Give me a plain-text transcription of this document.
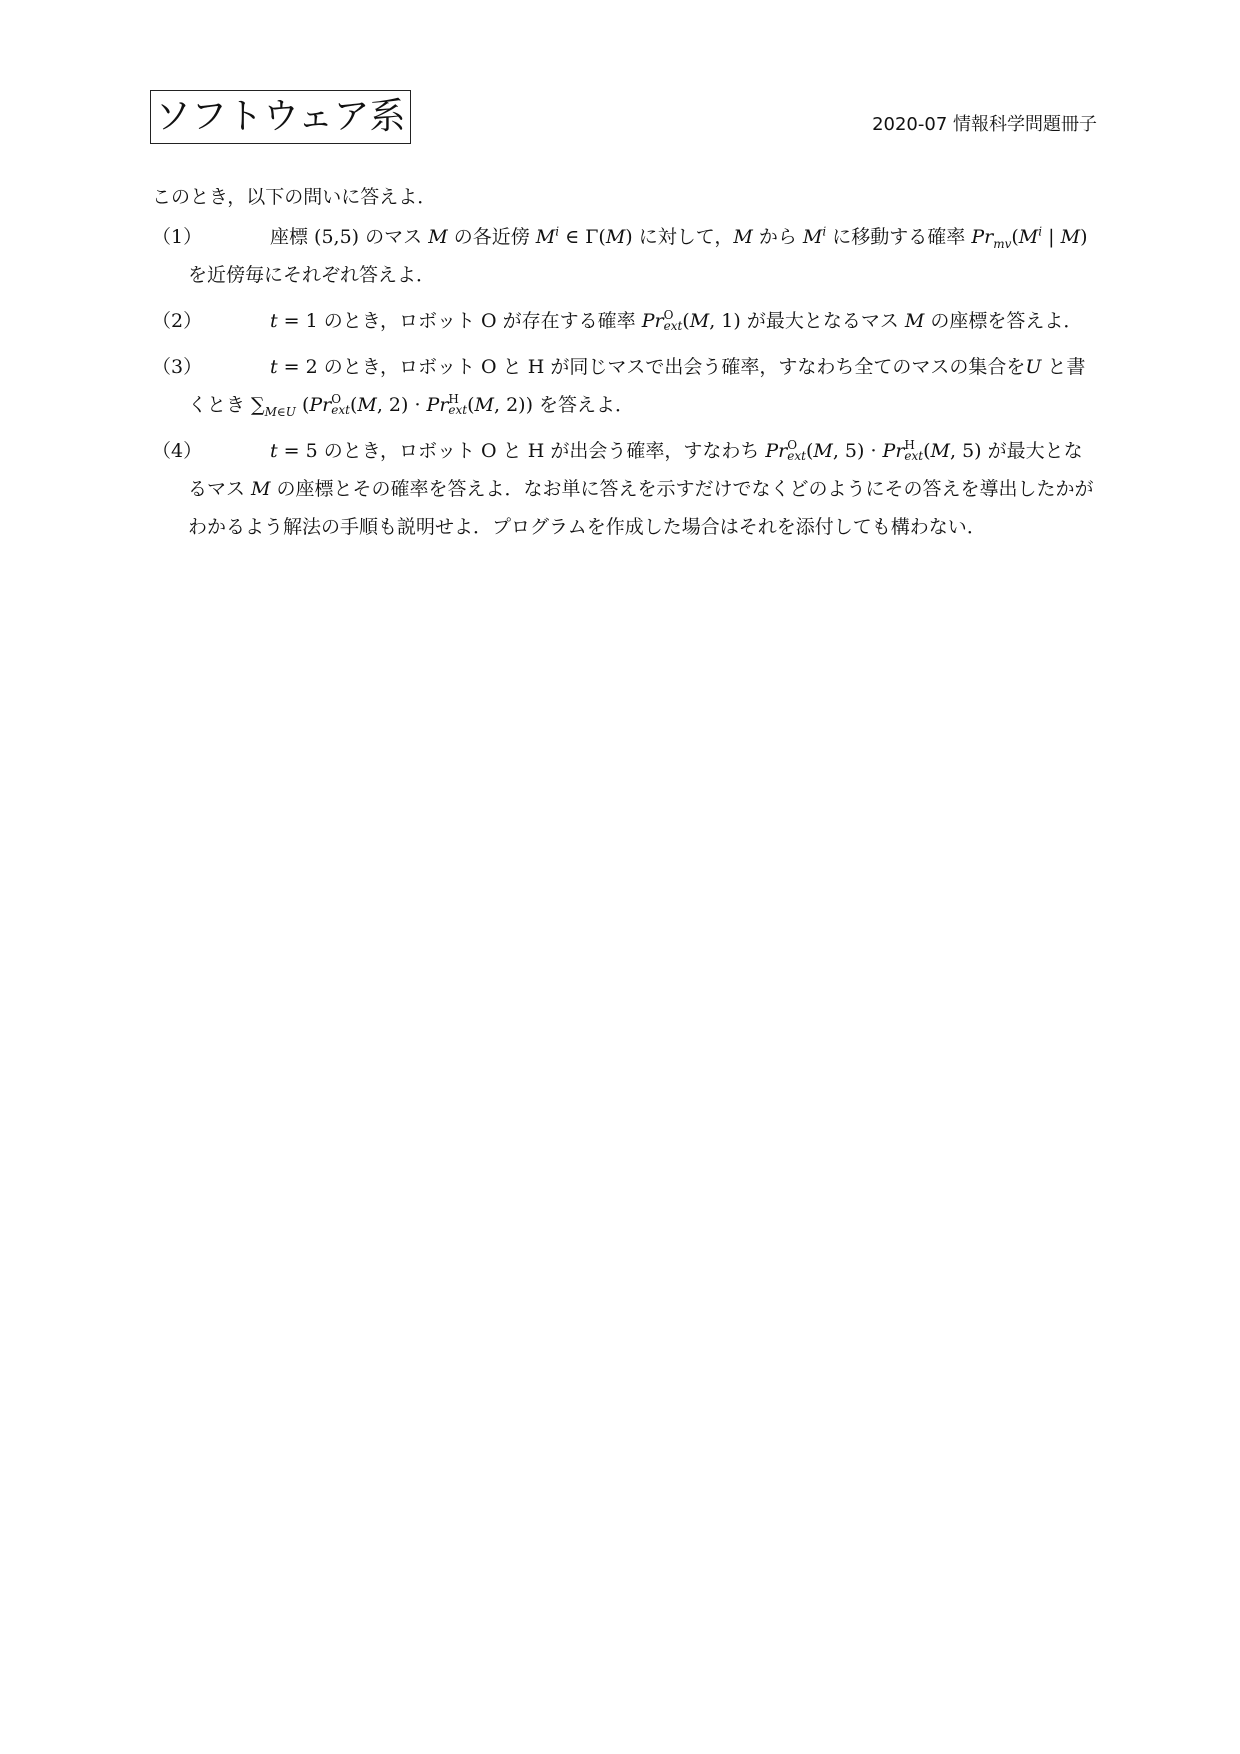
ソフトウェア系	2020-07 情報科学問題冊子
このとき，以下の問いに答えよ．
（1）	座標 (5,5) のマス M の各近傍 $M^i$ ∈ Γ(M) に対して，M から $M^i$ に移動する確率 $Pr_{mv}(M^i$ | M)
を近傍毎にそれぞれ答えよ．
（2）	t = 1 のとき，ロボット O が存在する確率 Pr O
ext (M, 1) が最大となるマス M の座標を答えよ．
（3）	t = 2 のとき，ロボット O と H が同じマスで出会う確率，すなわち全てのマスの集合をU と書くとき $\sum_{M\in U}$ (Pr O
ext (M, 2) · Pr H
ext (M, 2)) を答えよ．
（4）	t = 5 のとき，ロボット O と H が出会う確率，すなわち Pr O
ext (M, 5) · Pr H
ext (M, 5) が最大となるマス M の座標とその確率を答えよ．なお単に答えを示すだけでなくどのようにその答えを導出したかがわかるよう解法の手順も説明せよ．プログラムを作成した場合はそれを添付しても構わない．
